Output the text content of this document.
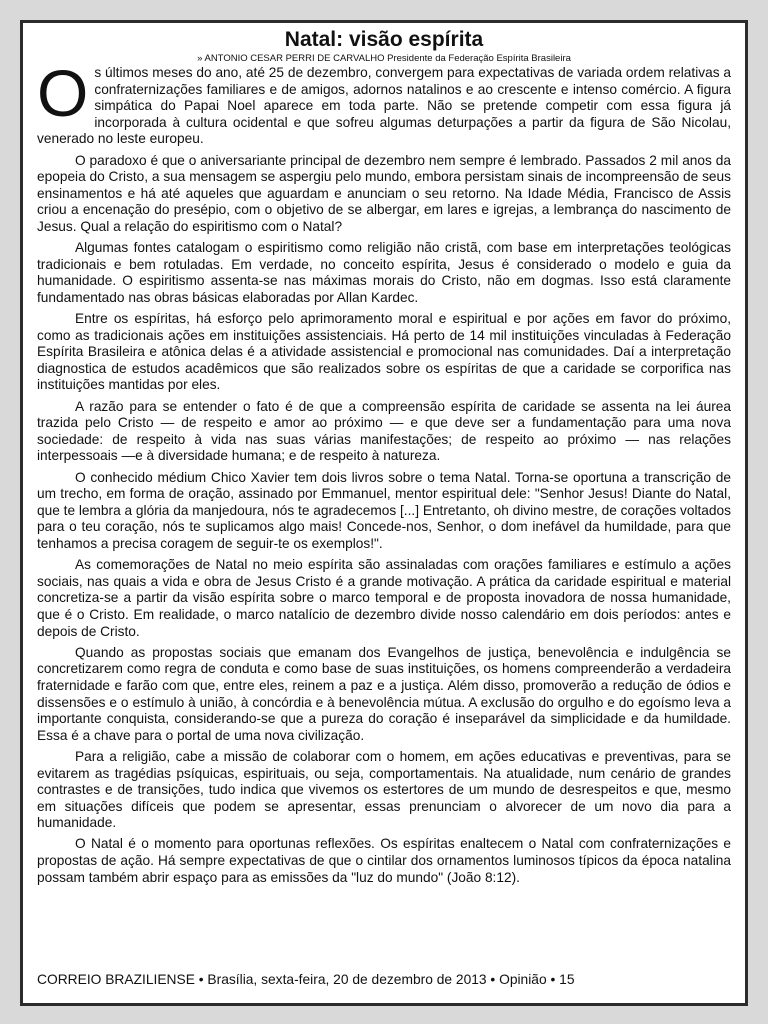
Natal: visão espírita
» ANTONIO CESAR PERRI DE CARVALHO Presidente da Federação Espírita Brasileira

Os últimos meses do ano, até 25 de dezembro, convergem para expectativas de variada ordem relativas a confraternizações familiares e de amigos, adornos natalinos e ao crescente e intenso comércio. A figura simpática do Papai Noel aparece em toda parte. Não se pretende competir com essa figura já incorporada à cultura ocidental e que sofreu algumas deturpações a partir da figura de São Nicolau, venerado no leste europeu.

O paradoxo é que o aniversariante principal de dezembro nem sempre é lembrado. Passados 2 mil anos da epopeia do Cristo, a sua mensagem se aspergiu pelo mundo, embora persistam sinais de incompreensão de seus ensinamentos e há até aqueles que aguardam e anunciam o seu retorno. Na Idade Média, Francisco de Assis criou a encenação do presépio, com o objetivo de se albergar, em lares e igrejas, a lembrança do nascimento de Jesus. Qual a relação do espiritismo com o Natal?

Algumas fontes catalogam o espiritismo como religião não cristã, com base em interpretações teológicas tradicionais e bem rotuladas. Em verdade, no conceito espírita, Jesus é considerado o modelo e guia da humanidade. O espiritismo assenta-se nas máximas morais do Cristo, não em dogmas. Isso está claramente fundamentado nas obras básicas elaboradas por Allan Kardec.

Entre os espíritas, há esforço pelo aprimoramento moral e espiritual e por ações em favor do próximo, como as tradicionais ações em instituições assistenciais. Há perto de 14 mil instituições vinculadas à Federação Espírita Brasileira e atônica delas é a atividade assistencial e promocional nas comunidades. Daí a interpretação diagnostica de estudos acadêmicos que são realizados sobre os espíritas de que a caridade se corporifica nas instituições mantidas por eles.

A razão para se entender o fato é de que a compreensão espírita de caridade se assenta na lei áurea trazida pelo Cristo — de respeito e amor ao próximo — e que deve ser a fundamentação para uma nova sociedade: de respeito à vida nas suas várias manifestações; de respeito ao próximo — nas relações interpessoais —e à diversidade humana; e de respeito à natureza.

O conhecido médium Chico Xavier tem dois livros sobre o tema Natal. Torna-se oportuna a transcrição de um trecho, em forma de oração, assinado por Emmanuel, mentor espiritual dele: "Senhor Jesus! Diante do Natal, que te lembra a glória da manjedoura, nós te agradecemos [...] Entretanto, oh divino mestre, de corações voltados para o teu coração, nós te suplicamos algo mais! Concede-nos, Senhor, o dom inefável da humildade, para que tenhamos a precisa coragem de seguir-te os exemplos!".

As comemorações de Natal no meio espírita são assinaladas com orações familiares e estímulo a ações sociais, nas quais a vida e obra de Jesus Cristo é a grande motivação. A prática da caridade espiritual e material concretiza-se a partir da visão espírita sobre o marco temporal e de proposta inovadora de nossa humanidade, que é o Cristo. Em realidade, o marco natalício de dezembro divide nosso calendário em dois períodos: antes e depois de Cristo.

Quando as propostas sociais que emanam dos Evangelhos de justiça, benevolência e indulgência se concretizarem como regra de conduta e como base de suas instituições, os homens compreenderão a verdadeira fraternidade e farão com que, entre eles, reinem a paz e a justiça. Além disso, promoverão a redução de ódios e dissensões e o estímulo à união, à concórdia e à benevolência mútua. A exclusão do orgulho e do egoísmo leva a importante conquista, considerando-se que a pureza do coração é inseparável da simplicidade e da humildade. Essa é a chave para o portal de uma nova civilização.

Para a religião, cabe a missão de colaborar com o homem, em ações educativas e preventivas, para se evitarem as tragédias psíquicas, espirituais, ou seja, comportamentais. Na atualidade, num cenário de grandes contrastes e de transições, tudo indica que vivemos os estertores de um mundo de desrespeitos e que, mesmo em situações difíceis que podem se apresentar, essas prenunciam o alvorecer de um novo dia para a humanidade.

O Natal é o momento para oportunas reflexões. Os espíritas enaltecem o Natal com confraternizações e propostas de ação. Há sempre expectativas de que o cintilar dos ornamentos luminosos típicos da época natalina possam também abrir espaço para as emissões da "luz do mundo" (João 8:12).

CORREIO BRAZILIENSE • Brasília, sexta-feira, 20 de dezembro de 2013 • Opinião • 15
